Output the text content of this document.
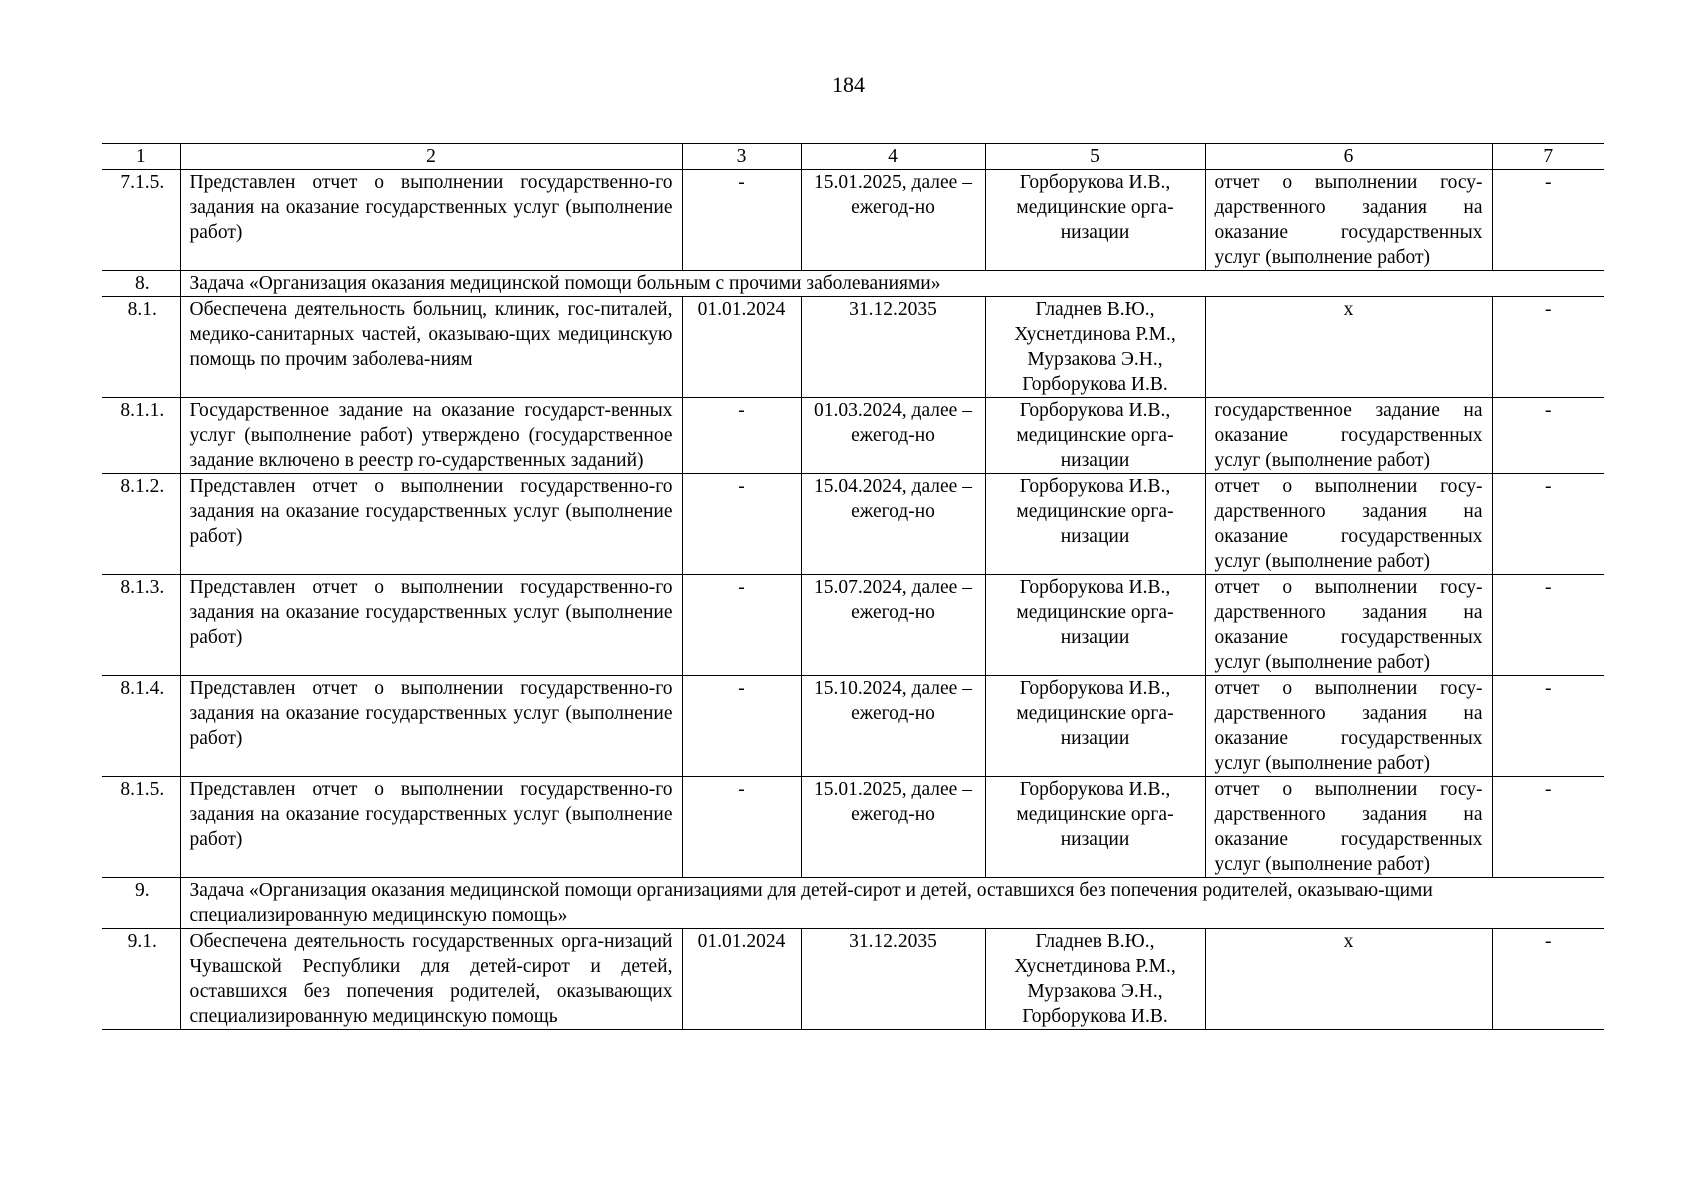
184
1	2	3	4	5	6	7
7.1.5.	Представлен отчет о выполнении государственно-го задания на оказание государственных услуг (выполнение работ)	-	15.01.2025, далее – ежегод-но	Горборукова И.В., медицинские орга-низации	отчет о выполнении госу-дарственного задания на оказание государственных услуг (выполнение работ)	-
8.	Задача «Организация оказания медицинской помощи больным с прочими заболеваниями»					
8.1.	Обеспечена деятельность больниц, клиник, гос-питалей, медико-санитарных частей, оказываю-щих медицинскую помощь по прочим заболева-ниям	01.01.2024	31.12.2035	Гладнев В.Ю., Хуснетдинова Р.М., Мурзакова Э.Н., Горборукова И.В.	x	-
8.1.1.	Государственное задание на оказание государст-венных услуг (выполнение работ) утверждено (государственное задание включено в реестр го-сударственных заданий)	-	01.03.2024, далее – ежегод-но	Горборукова И.В., медицинские орга-низации	государственное задание на оказание государственных услуг (выполнение работ)	-
8.1.2.	Представлен отчет о выполнении государственно-го задания на оказание государственных услуг (выполнение работ)	-	15.04.2024, далее – ежегод-но	Горборукова И.В., медицинские орга-низации	отчет о выполнении госу-дарственного задания на оказание государственных услуг (выполнение работ)	-
8.1.3.	Представлен отчет о выполнении государственно-го задания на оказание государственных услуг (выполнение работ)	-	15.07.2024, далее – ежегод-но	Горборукова И.В., медицинские орга-низации	отчет о выполнении госу-дарственного задания на оказание государственных услуг (выполнение работ)	-
8.1.4.	Представлен отчет о выполнении государственно-го задания на оказание государственных услуг (выполнение работ)	-	15.10.2024, далее – ежегод-но	Горборукова И.В., медицинские орга-низации	отчет о выполнении госу-дарственного задания на оказание государственных услуг (выполнение работ)	-
8.1.5.	Представлен отчет о выполнении государственно-го задания на оказание государственных услуг (выполнение работ)	-	15.01.2025, далее – ежегод-но	Горборукова И.В., медицинские орга-низации	отчет о выполнении госу-дарственного задания на оказание государственных услуг (выполнение работ)	-
9.	Задача «Организация оказания медицинской помощи организациями для детей-сирот и детей, оставшихся без попечения родителей, оказываю-щими специализированную медицинскую помощь»					
9.1.	Обеспечена деятельность государственных орга-низаций Чувашской Республики для детей-сирот и детей, оставшихся без попечения родителей, оказывающих специализированную медицинскую помощь	01.01.2024	31.12.2035	Гладнев В.Ю., Хуснетдинова Р.М., Мурзакова Э.Н., Горборукова И.В.	x	-
